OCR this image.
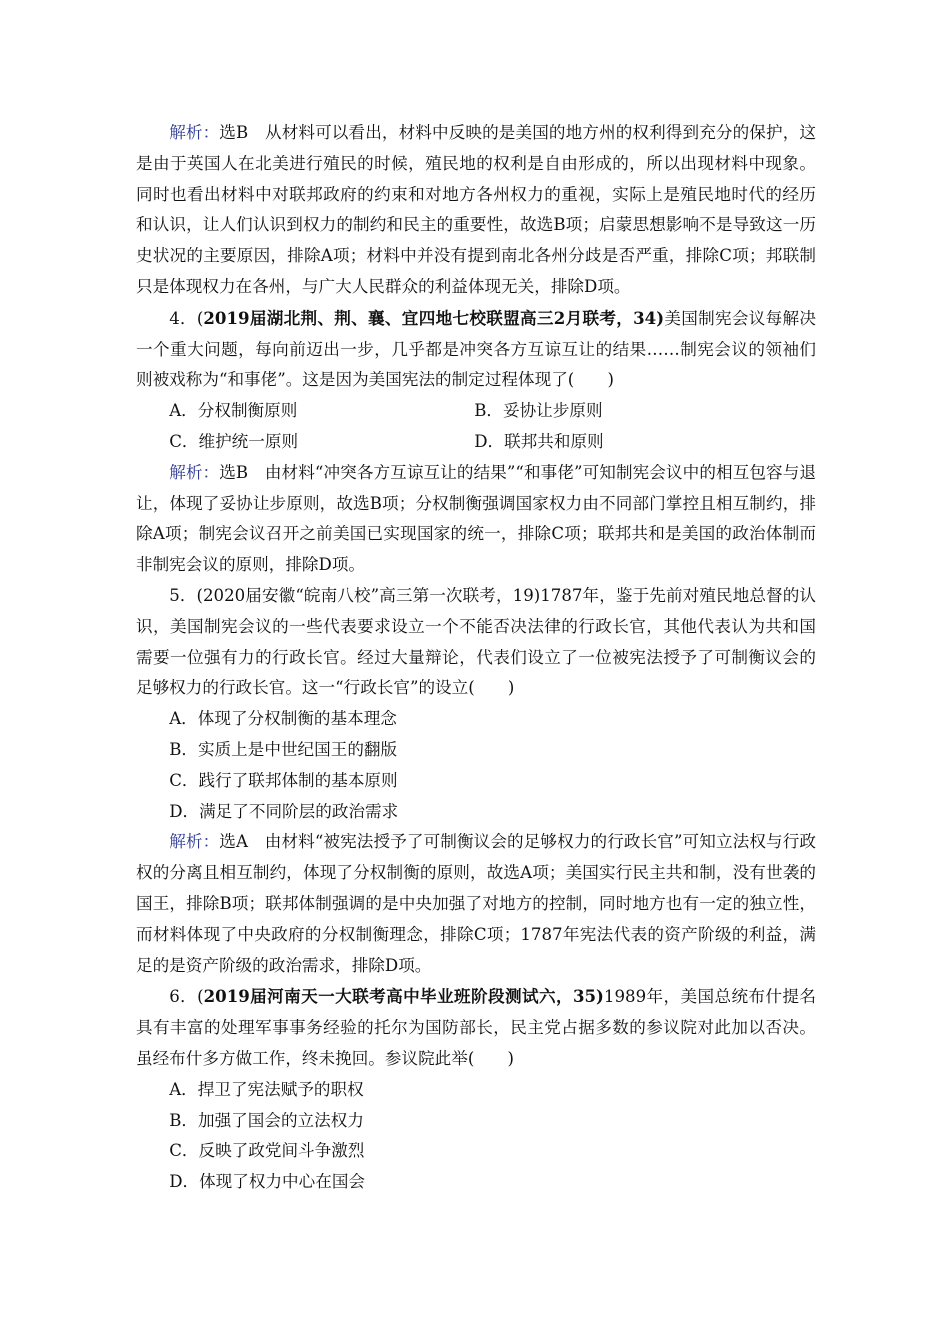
解析：选B　从材料可以看出，材料中反映的是美国的地方州的权利得到充分的保护，这是由于英国人在北美进行殖民的时候，殖民地的权利是自由形成的，所以出现材料中现象。同时也看出材料中对联邦政府的约束和对地方各州权力的重视，实际上是殖民地时代的经历和认识，让人们认识到权力的制约和民主的重要性，故选B项；启蒙思想影响不是导致这一历史状况的主要原因，排除A项；材料中并没有提到南北各州分歧是否严重，排除C项；邦联制只是体现权力在各州，与广大人民群众的利益体现无关，排除D项。

4．(2019届湖北荆、荆、襄、宜四地七校联盟高三2月联考，34)美国制宪会议每解决一个重大问题，每向前迈出一步，几乎都是冲突各方互谅互让的结果……制宪会议的领袖们则被戏称为“和事佬”。这是因为美国宪法的制定过程体现了(　　)

A．分权制衡原则	B．妥协让步原则
C．维护统一原则	D．联邦共和原则

解析：选B　由材料“冲突各方互谅互让的结果”“和事佬”可知制宪会议中的相互包容与退让，体现了妥协让步原则，故选B项；分权制衡强调国家权力由不同部门掌控且相互制约，排除A项；制宪会议召开之前美国已实现国家的统一，排除C项；联邦共和是美国的政治体制而非制宪会议的原则，排除D项。

5．(2020届安徽“皖南八校”高三第一次联考，19)1787年，鉴于先前对殖民地总督的认识，美国制宪会议的一些代表要求设立一个不能否决法律的行政长官，其他代表认为共和国需要一位强有力的行政长官。经过大量辩论，代表们设立了一位被宪法授予了可制衡议会的足够权力的行政长官。这一“行政长官”的设立(　　)

A．体现了分权制衡的基本理念

B．实质上是中世纪国王的翻版

C．践行了联邦体制的基本原则

D．满足了不同阶层的政治需求

解析：选A　由材料“被宪法授予了可制衡议会的足够权力的行政长官”可知立法权与行政权的分离且相互制约，体现了分权制衡的原则，故选A项；美国实行民主共和制，没有世袭的国王，排除B项；联邦体制强调的是中央加强了对地方的控制，同时地方也有一定的独立性，而材料体现了中央政府的分权制衡理念，排除C项；1787年宪法代表的资产阶级的利益，满足的是资产阶级的政治需求，排除D项。

6．(2019届河南天一大联考高中毕业班阶段测试六，35)1989年，美国总统布什提名具有丰富的处理军事事务经验的托尔为国防部长，民主党占据多数的参议院对此加以否决。虽经布什多方做工作，终未挽回。参议院此举(　　)

A．捍卫了宪法赋予的职权

B．加强了国会的立法权力

C．反映了政党间斗争激烈

D．体现了权力中心在国会
